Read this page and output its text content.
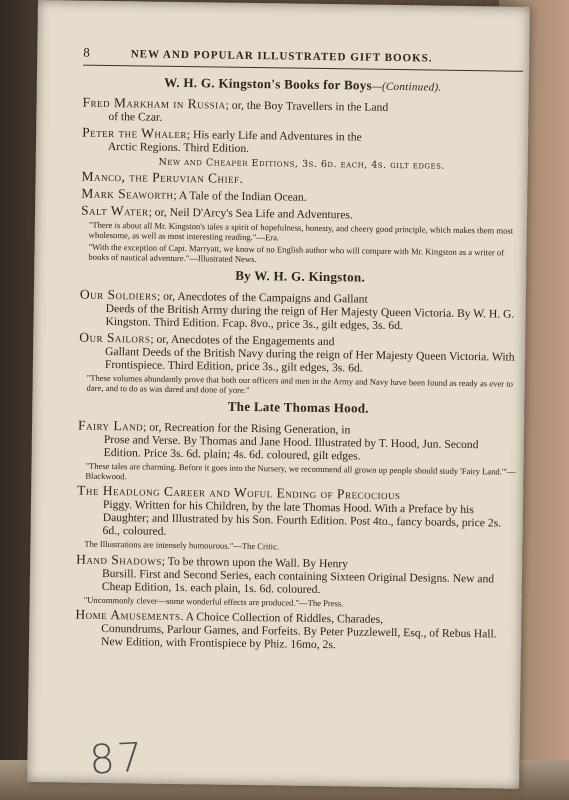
8	NEW AND POPULAR ILLUSTRATED GIFT BOOKS.
W. H. G. Kingston's Books for Boys—(Continued).
Fred Markham in Russia; or, the Boy Travellers in the Land
of the Czar.
Peter the Whaler; His early Life and Adventures in the
Arctic Regions. Third Edition.
New and Cheaper Editions, 3s. 6d. each, 4s. gilt edges.
Manco, the Peruvian Chief.
Mark Seaworth; A Tale of the Indian Ocean.
Salt Water; or, Neil D'Arcy's Sea Life and Adventures.
"There is about all Mr. Kingston's tales a spirit of hopefulness, honesty, and cheery good principle, which makes them most wholesome, as well as most interesting reading."—Era.
"With the exception of Capt. Marryatt, we know of no English author who will compare with Mr. Kingston as a writer of books of nautical adventure."—Illustrated News.
By W. H. G. Kingston.
Our Soldiers; or, Anecdotes of the Campaigns and Gallant
Deeds of the British Army during the reign of Her Majesty Queen Victoria. By W. H. G. Kingston. Third Edition. Fcap. 8vo., price 3s., gilt edges, 3s. 6d.
Our Sailors; or, Anecdotes of the Engagements and
Gallant Deeds of the British Navy during the reign of Her Majesty Queen Victoria. With Frontispiece. Third Edition, price 3s., gilt edges, 3s. 6d.
"These volumes abundantly prove that both our officers and men in the Army and Navy have been found as ready as ever to dare, and to do as was dared and done of yore."
The Late Thomas Hood.
Fairy Land; or, Recreation for the Rising Generation, in
Prose and Verse. By Thomas and Jane Hood. Illustrated by T. Hood, Jun. Second Edition. Price 3s. 6d. plain; 4s. 6d. coloured, gilt edges.
"These tales are charming. Before it goes into the Nursery, we recommend all grown up people should study 'Fairy Land.'"—Blackwood.
The Headlong Career and Woful Ending of Precocious
Piggy. Written for his Children, by the late Thomas Hood. With a Preface by his Daughter; and Illustrated by his Son. Fourth Edition. Post 4to., fancy boards, price 2s. 6d., coloured.
The Illustrations are intensely humourous."—The Critic.
Hand Shadows; To be thrown upon the Wall. By Henry
Bursill. First and Second Series, each containing Sixteen Original Designs. New and Cheap Edition, 1s. each plain, 1s. 6d. coloured.
"Uncommonly clever—some wonderful effects are produced."—The Press.
Home Amusements. A Choice Collection of Riddles, Charades,
Conundrums, Parlour Games, and Forfeits. By Peter Puzzlewell, Esq., of Rebus Hall. New Edition, with Frontispiece by Phiz. 16mo, 2s.
87
